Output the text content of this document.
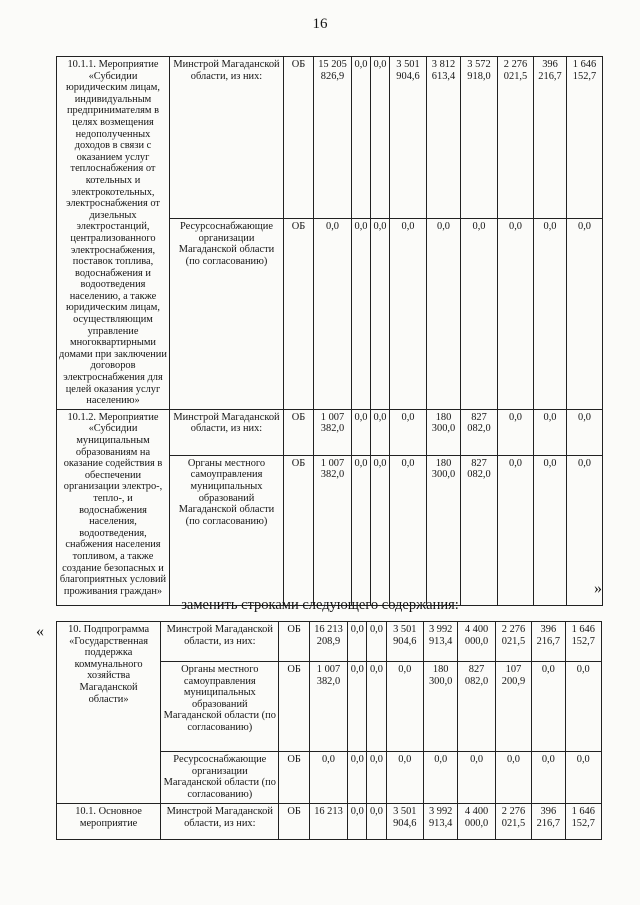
16
10.1.1. Мероприятие «Субсидии юридическим лицам, индивидуальным предпринимателям в целях возмещения недополученных доходов в связи с оказанием услуг теплоснабжения от котельных и электрокотельных, электроснабжения от дизельных электростанций, централизованного электроснабжения, поставок топлива, водоснабжения и водоотведения населению, а также юридическим лицам, осуществляющим управление многоквартирными домами при заключении договоров электроснабжения для целей оказания услуг населению»	Минстрой Магаданской области, из них:	ОБ	15 205 826,9	0,0	0,0	3 501 904,6	3 812 613,4	3 572 918,0	2 276 021,5	396 216,7	1 646 152,7
	Ресурсоснабжающие организации Магаданской области (по согласованию)	ОБ	0,0	0,0	0,0	0,0	0,0	0,0	0,0	0,0	0,0
10.1.2. Мероприятие «Субсидии муниципальным образованиям на оказание содействия в обеспечении организации электро-, тепло-, и водоснабжения населения, водоотведения, снабжения населения топливом, а также создание безопасных и благоприятных условий проживания граждан»	Минстрой Магаданской области, из них:	ОБ	1 007 382,0	0,0	0,0	0,0	180 300,0	827 082,0	0,0	0,0	0,0
	Органы местного самоуправления муниципальных образований Магаданской области (по согласованию)	ОБ	1 007 382,0	0,0	0,0	0,0	180 300,0	827 082,0	0,0	0,0	0,0
»
заменить строками следующего содержания:
« 10. Подпрограмма «Государственная поддержка коммунального хозяйства Магаданской области»	Минстрой Магаданской области, из них:	ОБ	16 213 208,9	0,0	0,0	3 501 904,6	3 992 913,4	4 400 000,0	2 276 021,5	396 216,7	1 646 152,7
	Органы местного самоуправления муниципальных образований Магаданской области (по согласованию)	ОБ	1 007 382,0	0,0	0,0	0,0	180 300,0	827 082,0	107 200,9	0,0	0,0
	Ресурсоснабжающие организации Магаданской области (по согласованию)	ОБ	0,0	0,0	0,0	0,0	0,0	0,0	0,0	0,0	0,0
10.1. Основное мероприятие	Минстрой Магаданской области, из них:	ОБ	16 213	0,0	0,0	3 501 904,6	3 992 913,4	4 400 000,0	2 276 021,5	396 216,7	1 646 152,7
